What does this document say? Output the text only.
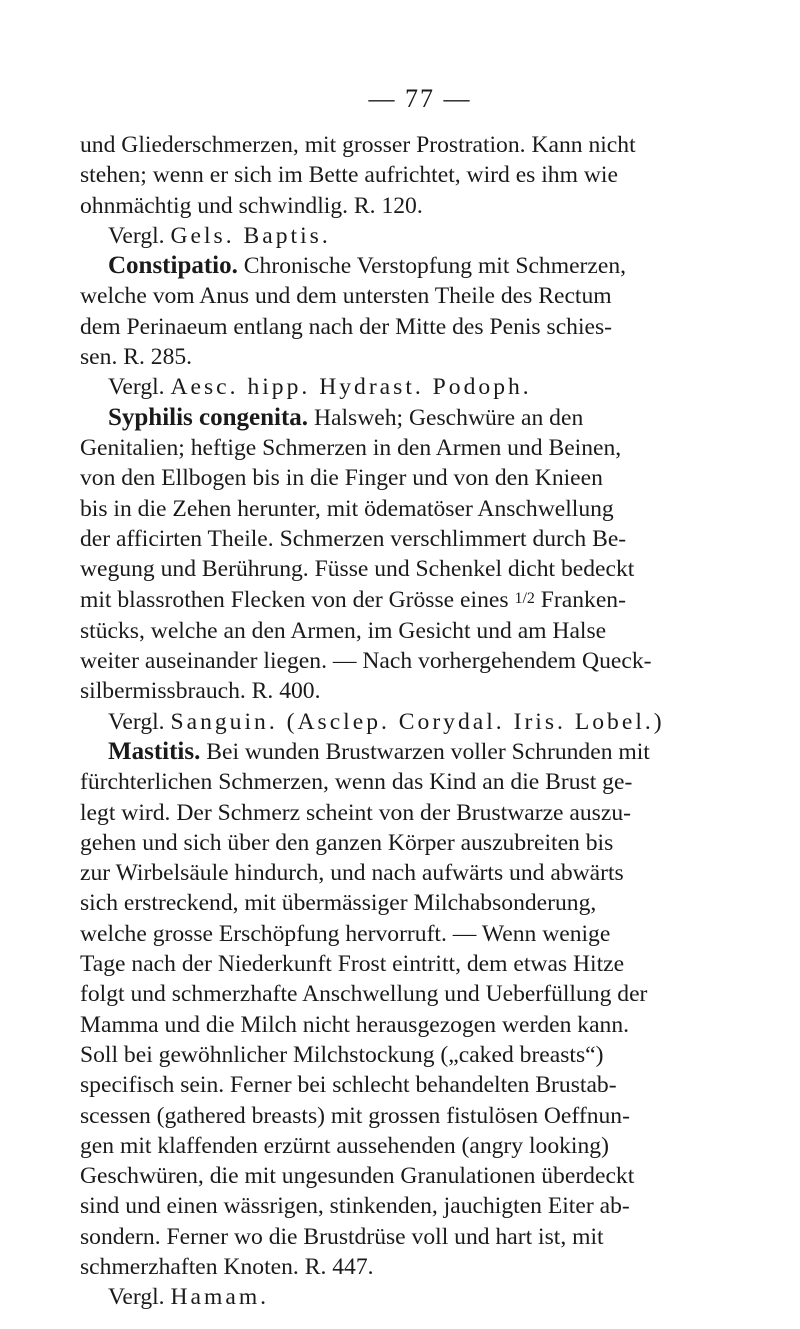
— 77 —
und Gliederschmerzen, mit grosser Prostration. Kann nicht
stehen; wenn er sich im Bette aufrichtet, wird es ihm wie
ohnmächtig und schwindlig. R. 120.
Vergl. Gels. Baptis.
Constipatio. Chronische Verstopfung mit Schmerzen,
welche vom Anus und dem untersten Theile des Rectum
dem Perinaeum entlang nach der Mitte des Penis schies-
sen. R. 285.
Vergl. Aesc. hipp. Hydrast. Podoph.
Syphilis congenita. Halsweh; Geschwüre an den
Genitalien; heftige Schmerzen in den Armen und Beinen,
von den Ellbogen bis in die Finger und von den Knieen
bis in die Zehen herunter, mit ödematöser Anschwellung
der afficirten Theile. Schmerzen verschlimmert durch Be-
wegung und Berührung. Füsse und Schenkel dicht bedeckt
mit blassrothen Flecken von der Grösse eines 1/2 Franken-
stücks, welche an den Armen, im Gesicht und am Halse
weiter auseinander liegen. — Nach vorhergehendem Queck-
silbermissbrauch. R. 400.
Vergl. Sanguin. (Asclep. Corydal. Iris. Lobel.)
Mastitis. Bei wunden Brustwarzen voller Schrunden mit
fürchterlichen Schmerzen, wenn das Kind an die Brust ge-
legt wird. Der Schmerz scheint von der Brustwarze auszu-
gehen und sich über den ganzen Körper auszubreiten bis
zur Wirbelsäule hindurch, und nach aufwärts und abwärts
sich erstreckend, mit übermässiger Milchabsonderung,
welche grosse Erschöpfung hervorruft. — Wenn wenige
Tage nach der Niederkunft Frost eintritt, dem etwas Hitze
folgt und schmerzhafte Anschwellung und Ueberfüllung der
Mamma und die Milch nicht herausgezogen werden kann.
Soll bei gewöhnlicher Milchstockung („caked breasts“)
specifisch sein. Ferner bei schlecht behandelten Brustab-
scessen (gathered breasts) mit grossen fistulösen Oeffnun-
gen mit klaffenden erzürnt aussehenden (angry looking)
Geschwüren, die mit ungesunden Granulationen überdeckt
sind und einen wässrigen, stinkenden, jauchigten Eiter ab-
sondern. Ferner wo die Brustdrüse voll und hart ist, mit
schmerzhaften Knoten. R. 447.
Vergl. Hamam.
